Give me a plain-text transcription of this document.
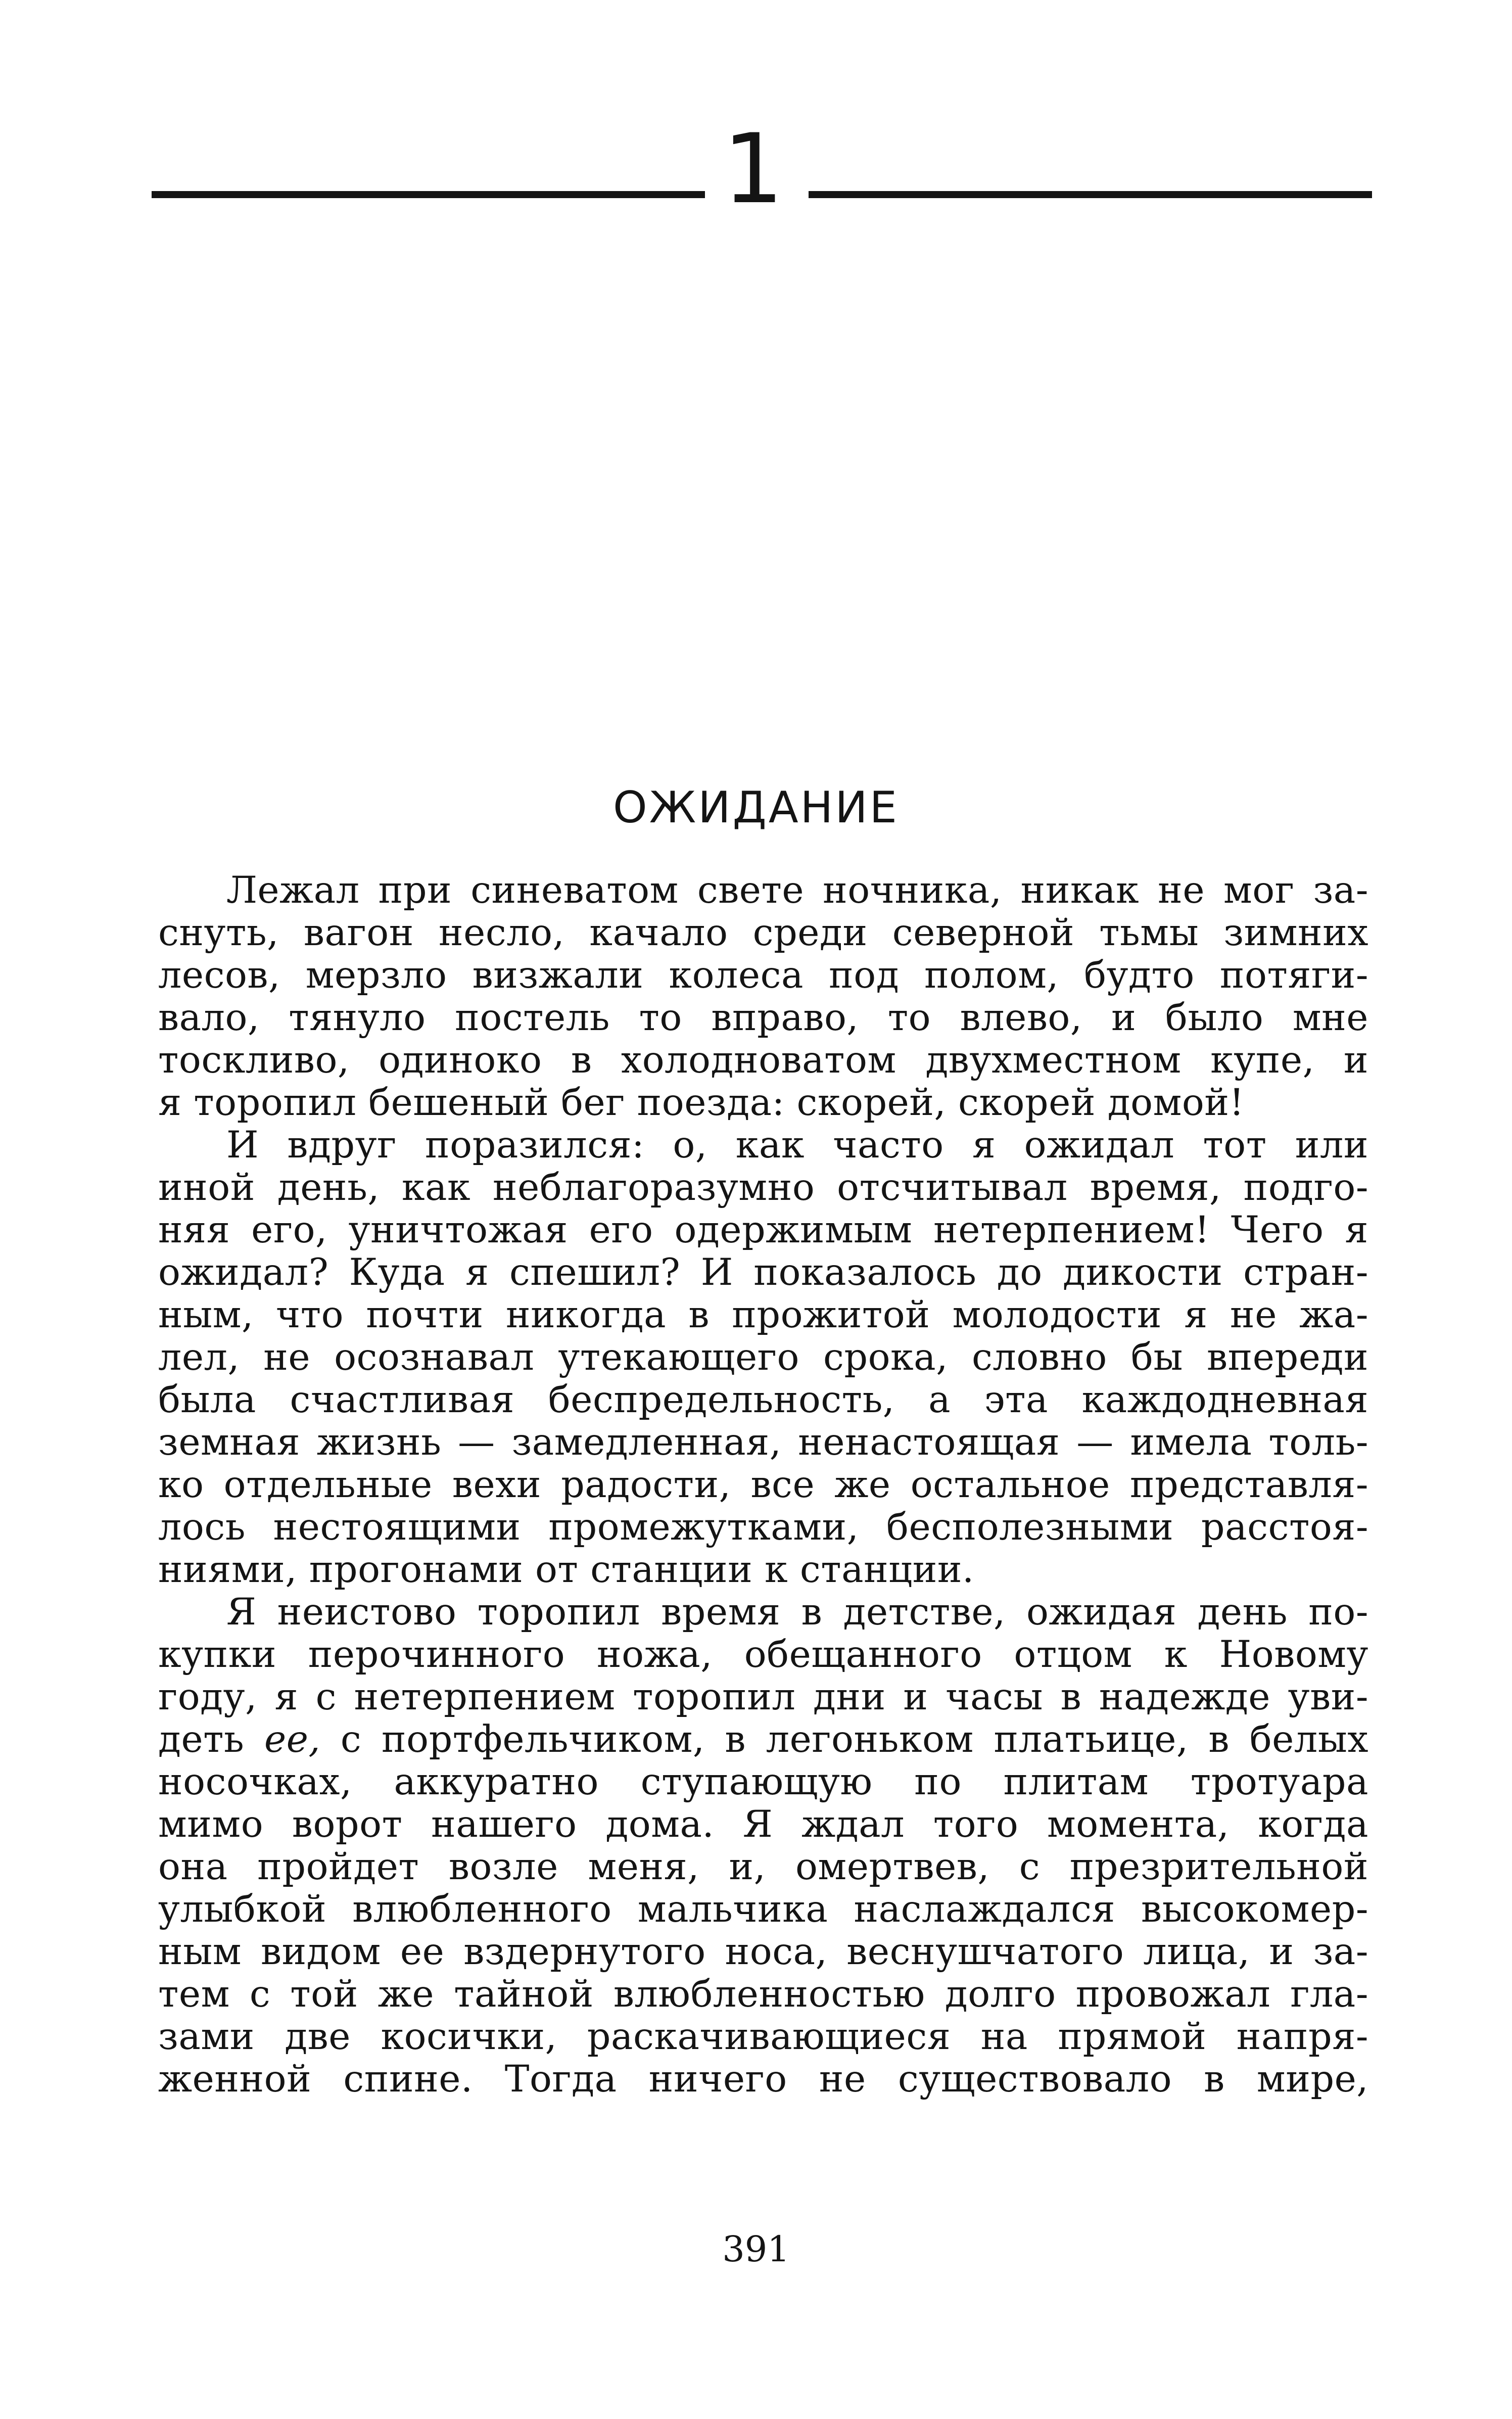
1
ОЖИДАНИЕ
Лежал при синеватом свете ночника, никак не мог за-
снуть, вагон несло, качало среди северной тьмы зимних
лесов, мерзло визжали колеса под полом, будто потяги-
вало, тянуло постель то вправо, то влево, и было мне
тоскливо, одиноко в холодноватом двухместном купе, и
я торопил бешеный бег поезда: скорей, скорей домой!
И вдруг поразился: о, как часто я ожидал тот или
иной день, как неблагоразумно отсчитывал время, подго-
няя его, уничтожая его одержимым нетерпением! Чего я
ожидал? Куда я спешил? И показалось до дикости стран-
ным, что почти никогда в прожитой молодости я не жа-
лел, не осознавал утекающего срока, словно бы впереди
была счастливая беспредельность, а эта каждодневная
земная жизнь — замедленная, ненастоящая — имела толь-
ко отдельные вехи радости, все же остальное представля-
лось нестоящими промежутками, бесполезными расстоя-
ниями, прогонами от станции к станции.
Я неистово торопил время в детстве, ожидая день по-
купки перочинного ножа, обещанного отцом к Новому
году, я с нетерпением торопил дни и часы в надежде уви-
деть ее, с портфельчиком, в легоньком платьице, в белых
носочках, аккуратно ступающую по плитам тротуара
мимо ворот нашего дома. Я ждал того момента, когда
она пройдет возле меня, и, омертвев, с презрительной
улыбкой влюбленного мальчика наслаждался высокомер-
ным видом ее вздернутого носа, веснушчатого лица, и за-
тем с той же тайной влюбленностью долго провожал гла-
зами две косички, раскачивающиеся на прямой напря-
женной спине. Тогда ничего не существовало в мире,
391
